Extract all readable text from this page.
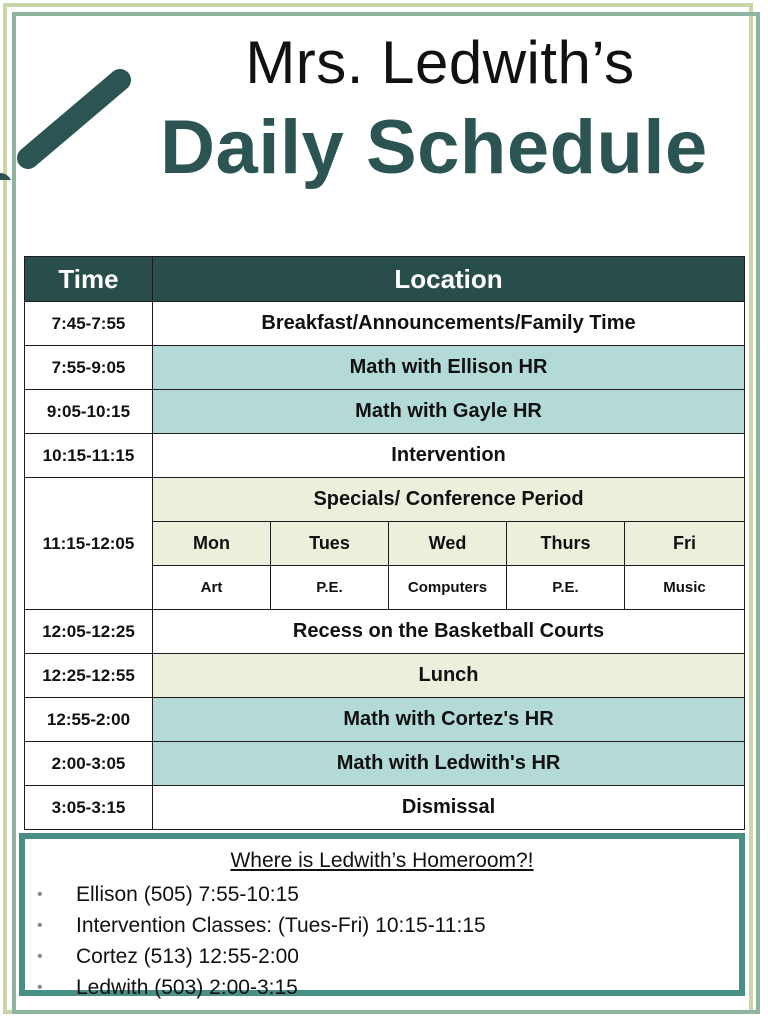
Mrs. Ledwith’s
Daily Schedule
Time	Location				
7:45-7:55	Breakfast/Announcements/Family Time				
7:55-9:05	Math with Ellison HR				
9:05-10:15	Math with Gayle HR				
10:15-11:15	Intervention				
11:15-12:05	Specials/ Conference Period				
	Mon	Tues	Wed	Thurs	Fri
	Art	P.E.	Computers	P.E.	Music
12:05-12:25	Recess on the Basketball Courts				
12:25-12:55	Lunch				
12:55-2:00	Math with Cortez's HR				
2:00-3:05	Math with Ledwith's HR				
3:05-3:15	Dismissal				
Where is Ledwith’s Homeroom?!
• Ellison (505) 7:55-10:15
• Intervention Classes: (Tues-Fri) 10:15-11:15
• Cortez (513) 12:55-2:00
• Ledwith (503) 2:00-3:15
